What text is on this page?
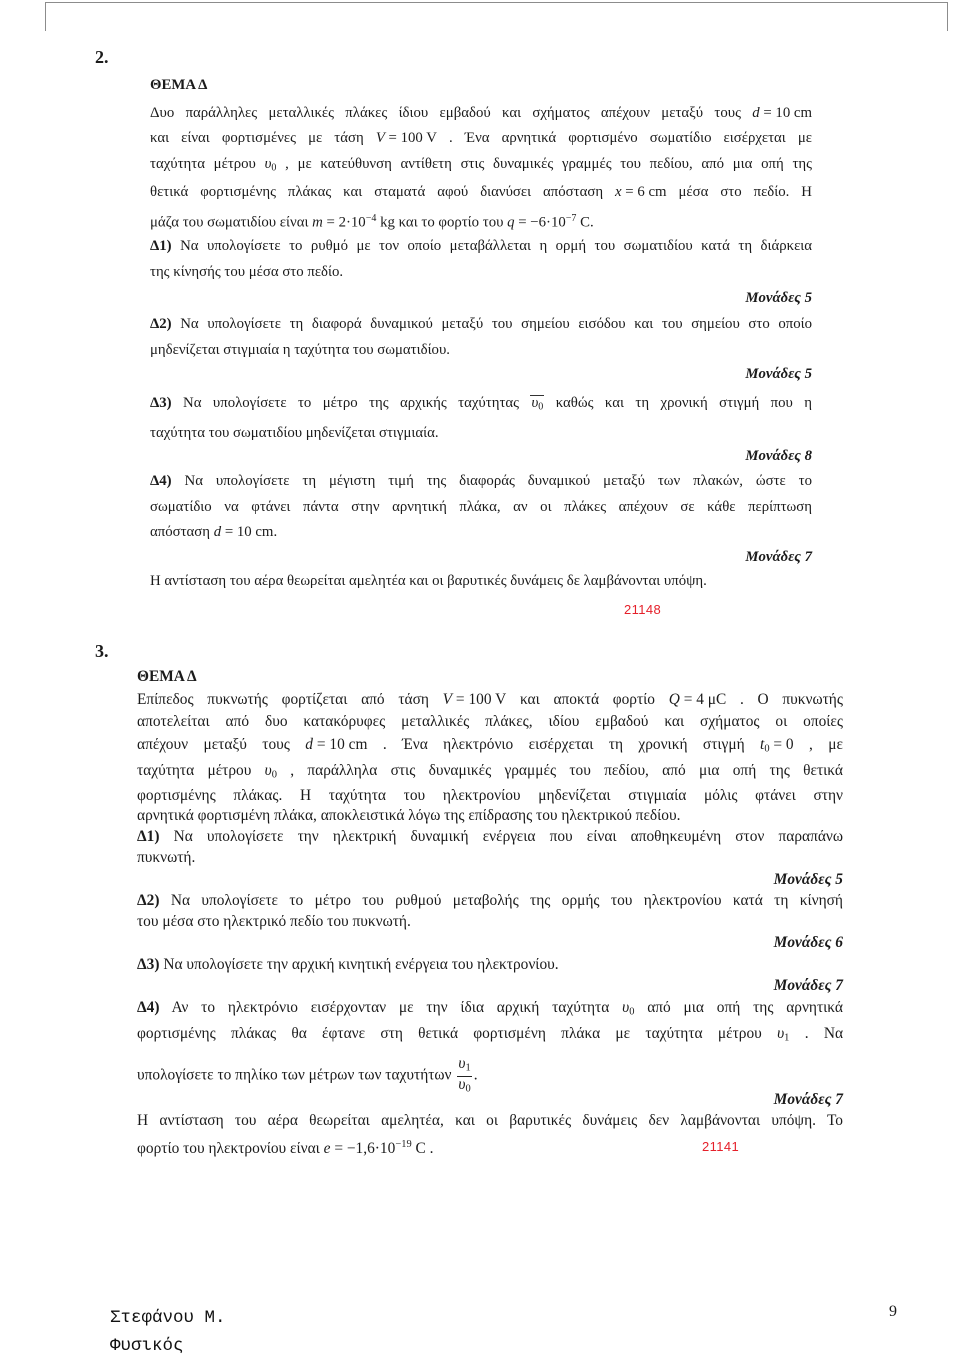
2.
ΘΕΜΑ Δ
Δυο παράλληλες μεταλλικές πλάκες ίδιου εμβαδού και σχήματος απέχουν μεταξύ τους d = 10 cm
και είναι φορτισμένες με τάση V = 100 V . Ένα αρνητικά φορτισμένο σωματίδιο εισέρχεται με
ταχύτητα μέτρου $\upsilon_0$ , με κατεύθυνση αντίθετη στις δυναμικές γραμμές του πεδίου, από μια οπή της
θετικά φορτισμένης πλάκας και σταματά αφού διανύσει απόσταση x = 6 cm μέσα στο πεδίο. Η
μάζα του σωματιδίου είναι $m = 2\cdot 10^{-4}$ kg και το φορτίο του $q = -6\cdot 10^{-7}$ C.
Δ1) Να υπολογίσετε το ρυθμό με τον οποίο μεταβάλλεται η ορμή του σωματιδίου κατά τη διάρκεια
της κίνησής του μέσα στο πεδίο.
Μονάδες 5
Δ2) Να υπολογίσετε τη διαφορά δυναμικού μεταξύ του σημείου εισόδου και του σημείου στο οποίο
μηδενίζεται στιγμιαία η ταχύτητα του σωματιδίου.
Μονάδες 5
Δ3) Να υπολογίσετε το μέτρο της αρχικής ταχύτητας $\upsilon_0$ καθώς και τη χρονική στιγμή που η
ταχύτητα του σωματιδίου μηδενίζεται στιγμιαία.
Μονάδες 8
Δ4) Να υπολογίσετε τη μέγιστη τιμή της διαφοράς δυναμικού μεταξύ των πλακών, ώστε το
σωματίδιο να φτάνει πάντα στην αρνητική πλάκα, αν οι πλάκες απέχουν σε κάθε περίπτωση
απόσταση d = 10 cm.
Μονάδες 7
Η αντίσταση του αέρα θεωρείται αμελητέα και οι βαρυτικές δυνάμεις δε λαμβάνονται υπόψη.
21148
3.
ΘΕΜΑ Δ
Επίπεδος πυκνωτής φορτίζεται από τάση V = 100 V και αποκτά φορτίο Q = 4 μC . Ο πυκνωτής
αποτελείται από δυο κατακόρυφες μεταλλικές πλάκες, ιδίου εμβαδού και σχήματος οι οποίες
απέχουν μεταξύ τους d = 10 cm . Ένα ηλεκτρόνιο εισέρχεται τη χρονική στιγμή $t_0 = 0$ , με
ταχύτητα μέτρου $\upsilon_0$ , παράλληλα στις δυναμικές γραμμές του πεδίου, από μια οπή της θετικά
φορτισμένης πλάκας. Η ταχύτητα του ηλεκτρονίου μηδενίζεται στιγμιαία μόλις φτάνει στην
αρνητικά φορτισμένη πλάκα, αποκλειστικά λόγω της επίδρασης του ηλεκτρικού πεδίου.
Δ1) Να υπολογίσετε την ηλεκτρική δυναμική ενέργεια που είναι αποθηκευμένη στον παραπάνω
πυκνωτή.
Μονάδες 5
Δ2) Να υπολογίσετε το μέτρο του ρυθμού μεταβολής της ορμής του ηλεκτρονίου κατά τη κίνησή
του μέσα στο ηλεκτρικό πεδίο του πυκνωτή.
Μονάδες 6
Δ3) Να υπολογίσετε την αρχική κινητική ενέργεια του ηλεκτρονίου.
Μονάδες 7
Δ4) Αν το ηλεκτρόνιο εισέρχονταν με την ίδια αρχική ταχύτητα $\upsilon_0$ από μια οπή της αρνητικά
φορτισμένης πλάκας θα έφτανε στη θετικά φορτισμένη πλάκα με ταχύτητα μέτρου $\upsilon_1$ . Να
υπολογίσετε το πηλίκο των μέτρων των ταχυτήτων $\frac{\upsilon_1}{\upsilon_0}$ .
Μονάδες 7
Η αντίσταση του αέρα θεωρείται αμελητέα, και οι βαρυτικές δυνάμεις δεν λαμβάνονται υπόψη. Το
φορτίο του ηλεκτρονίου είναι $e = -1,6\cdot 10^{-19}$ C .	21141
Στεφάνου Μ.
Φυσικός
9
